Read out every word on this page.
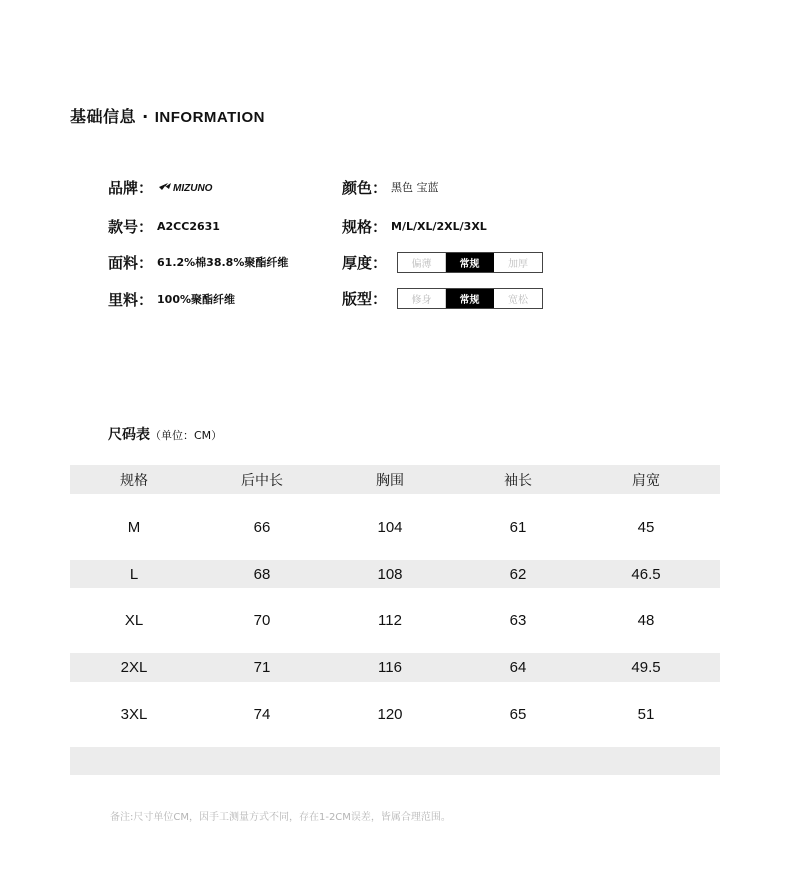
基础信息 · INFORMATION
品牌： MIZUNO
款号： A2CC2631
面料： 61.2%棉38.8%聚酯纤维
里料： 100%聚酯纤维
颜色： 黑色 宝蓝
规格： M/L/XL/2XL/3XL
厚度：	偏薄	常规	加厚
版型：	修身	常规	宽松
尺码表（单位：CM）
规格	后中长	胸围	袖长	肩宽
M	66	104	61	45
L	68	108	62	46.5
XL	70	112	63	48
2XL	71	116	64	49.5
3XL	74	120	65	51
备注:尺寸单位CM，因手工测量方式不同，存在1-2CM误差，皆属合理范围。
